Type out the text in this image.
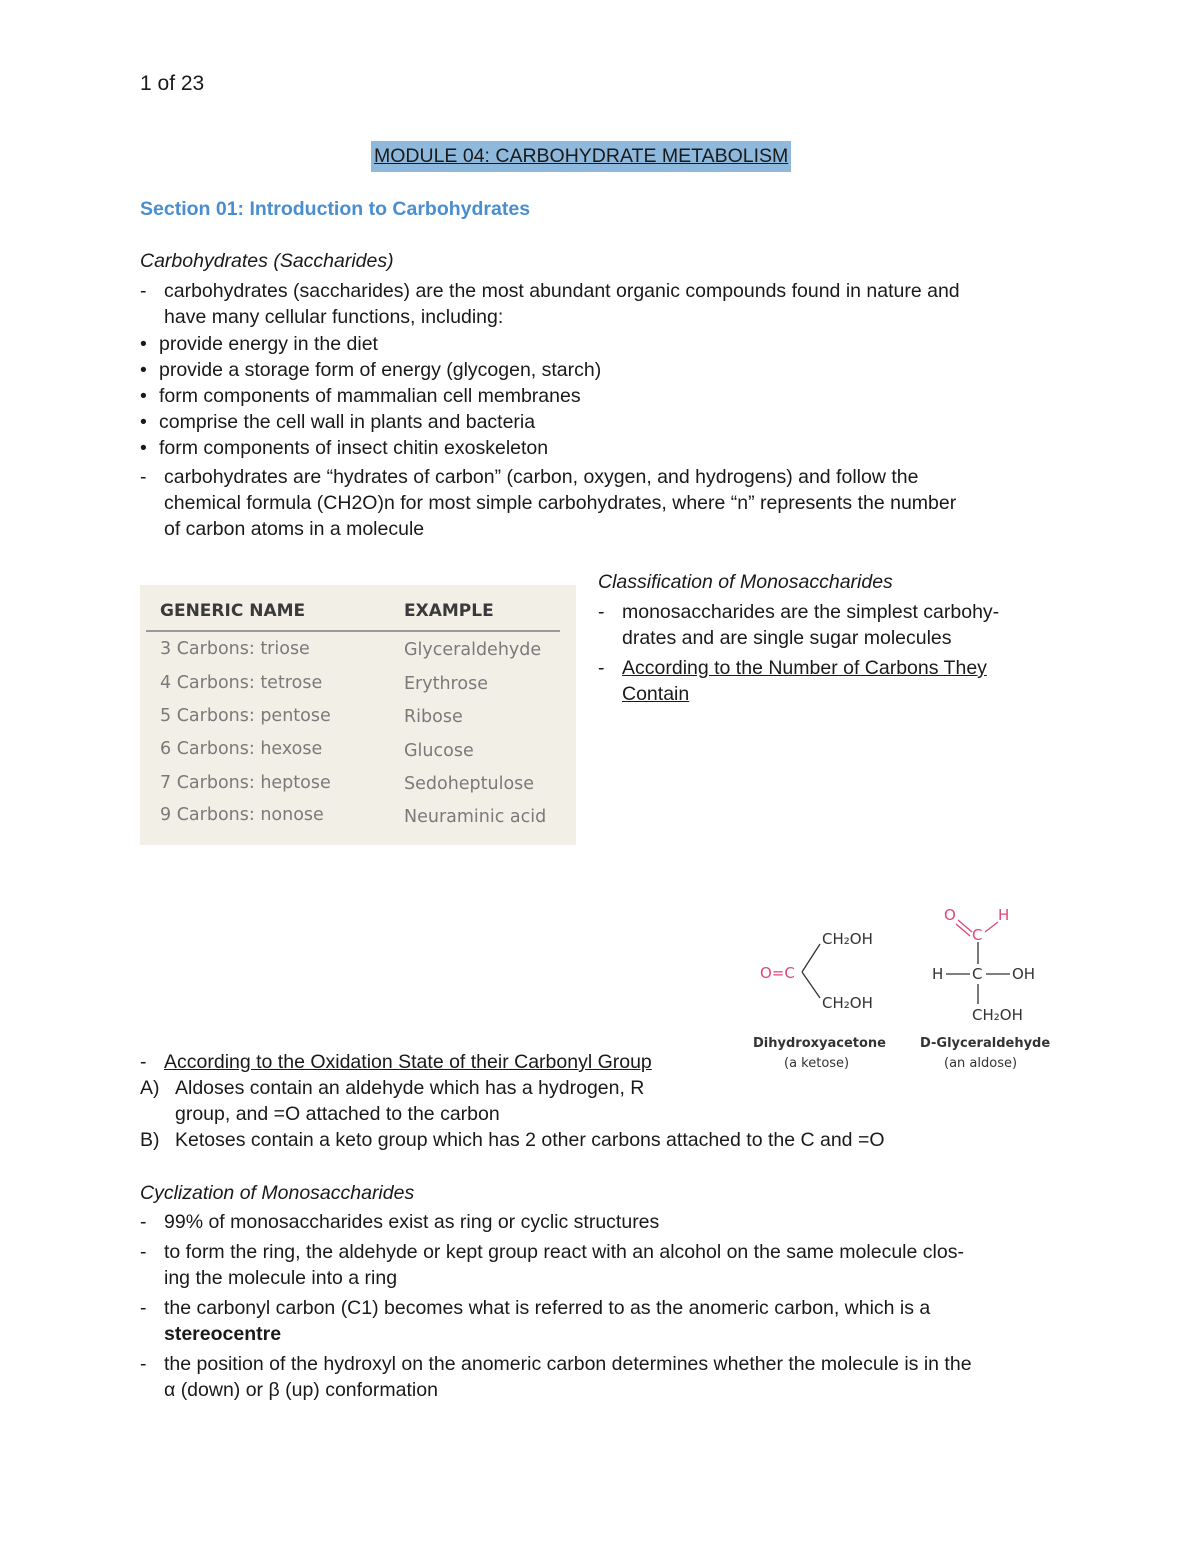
1 of 23
MODULE 04: CARBOHYDRATE METABOLISM
Section 01: Introduction to Carbohydrates
Carbohydrates (Saccharides)
- carbohydrates (saccharides) are the most abundant organic compounds found in nature and
have many cellular functions, including:
• provide energy in the diet
• provide a storage form of energy (glycogen, starch)
• form components of mammalian cell membranes
• comprise the cell wall in plants and bacteria
• form components of insect chitin exoskeleton
- carbohydrates are “hydrates of carbon” (carbon, oxygen, and hydrogens) and follow the
chemical formula (CH2O)n for most simple carbohydrates, where “n” represents the number
of carbon atoms in a molecule
GENERIC NAME	EXAMPLE
3 Carbons: triose	Glyceraldehyde
4 Carbons: tetrose	Erythrose
5 Carbons: pentose	Ribose
6 Carbons: hexose	Glucose
7 Carbons: heptose	Sedoheptulose
9 Carbons: nonose	Neuraminic acid
Classification of Monosaccharides
- monosaccharides are the simplest carbohy-
drates and are single sugar molecules
- According to the Number of Carbons They
Contain
O=C
CH₂OH
CH₂OH
Dihydroxyacetone
(a ketose)
O
C
H
H C OH
CH₂OH
D-Glyceraldehyde
(an aldose)
- According to the Oxidation State of their Carbonyl Group
A) Aldoses contain an aldehyde which has a hydrogen, R
group, and =O attached to the carbon
B) Ketoses contain a keto group which has 2 other carbons attached to the C and =O
Cyclization of Monosaccharides
- 99% of monosaccharides exist as ring or cyclic structures
- to form the ring, the aldehyde or kept group react with an alcohol on the same molecule clos-
ing the molecule into a ring
- the carbonyl carbon (C1) becomes what is referred to as the anomeric carbon, which is a
stereocentre
- the position of the hydroxyl on the anomeric carbon determines whether the molecule is in the
α (down) or β (up) conformation
